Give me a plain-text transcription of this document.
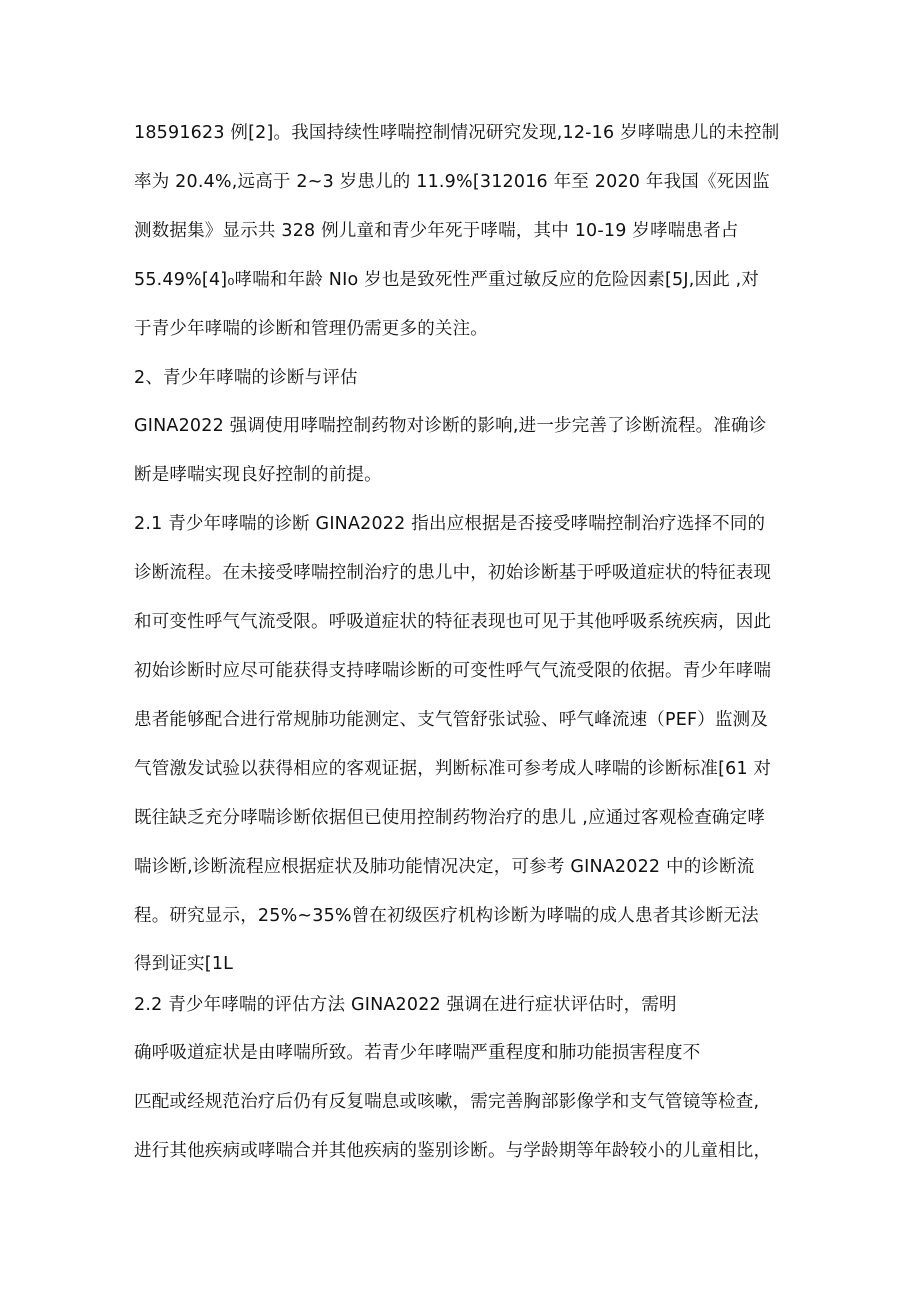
18591623 例[2]。我国持续性哮喘控制情况研究发现,12-16 岁哮喘患儿的未控制
率为 20.4%,远高于 2~3 岁患儿的 11.9%[312016 年至 2020 年我国《死因监
测数据集》显示共 328 例儿童和青少年死于哮喘，其中 10-19 岁哮喘患者占
55.49%[4]₀哮喘和年龄 NIo 岁也是致死性严重过敏反应的危险因素[5J,因此 ,对
于青少年哮喘的诊断和管理仍需更多的关注。
2、青少年哮喘的诊断与评估
GINA2022 强调使用哮喘控制药物对诊断的影响,进一步完善了诊断流程。准确诊
断是哮喘实现良好控制的前提。
2.1 青少年哮喘的诊断 GINA2022 指出应根据是否接受哮喘控制治疗选择不同的
诊断流程。在未接受哮喘控制治疗的患儿中，初始诊断基于呼吸道症状的特征表现
和可变性呼气气流受限。呼吸道症状的特征表现也可见于其他呼吸系统疾病，因此
初始诊断时应尽可能获得支持哮喘诊断的可变性呼气气流受限的依据。青少年哮喘
患者能够配合进行常规肺功能测定、支气管舒张试验、呼气峰流速（PEF）监测及
气管激发试验以获得相应的客观证据，判断标准可参考成人哮喘的诊断标准[61 对
既往缺乏充分哮喘诊断依据但已使用控制药物治疗的患儿 ,应通过客观检查确定哮
喘诊断,诊断流程应根据症状及肺功能情况决定，可参考 GINA2022 中的诊断流
程。研究显示，25%~35%曾在初级医疗机构诊断为哮喘的成人患者其诊断无法
得到证实[1L
2.2 青少年哮喘的评估方法 GINA2022 强调在进行症状评估时，需明
确呼吸道症状是由哮喘所致。若青少年哮喘严重程度和肺功能损害程度不
匹配或经规范治疗后仍有反复喘息或咳嗽，需完善胸部影像学和支气管镜等检查,
进行其他疾病或哮喘合并其他疾病的鉴别诊断。与学龄期等年龄较小的儿童相比，
